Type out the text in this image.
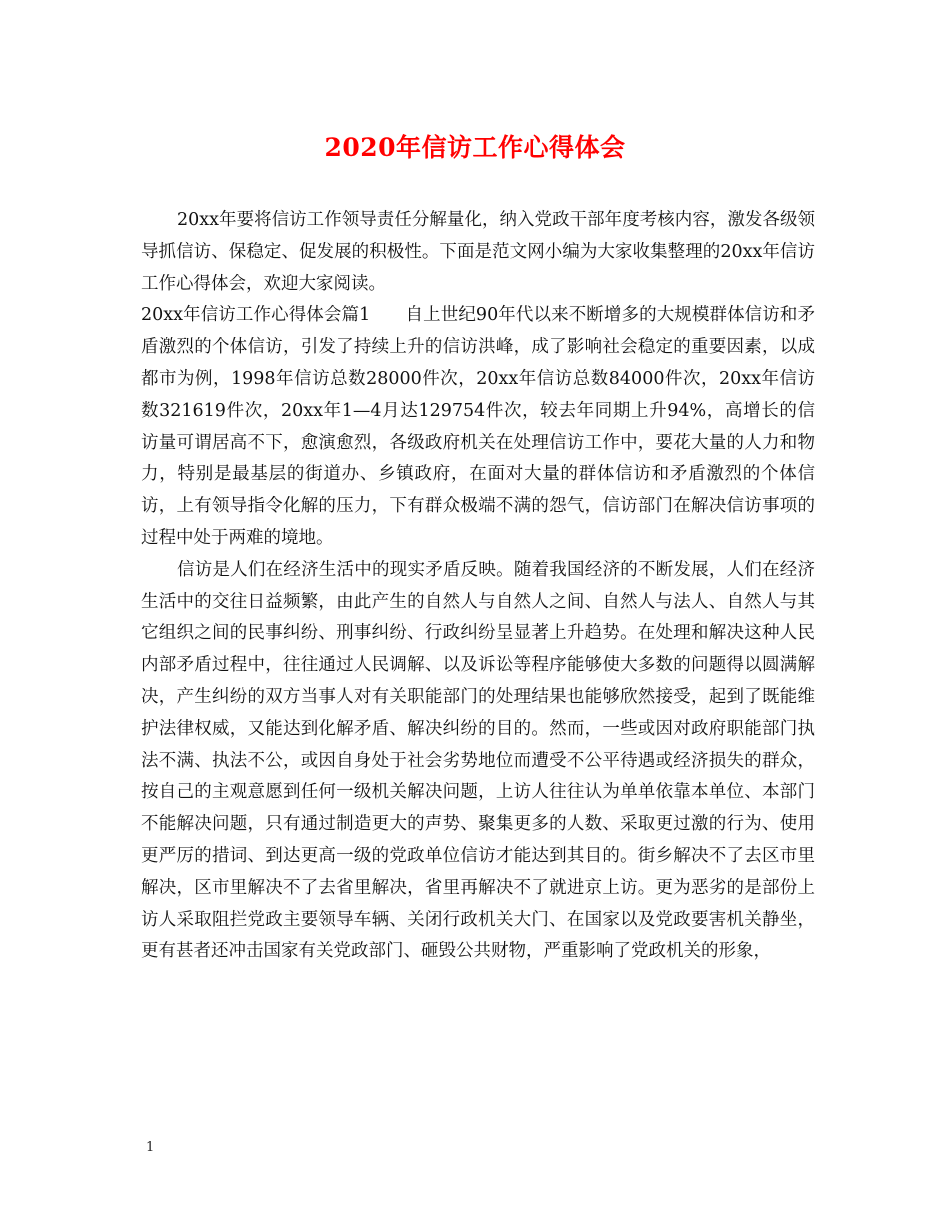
2020年信访工作心得体会

20xx年要将信访工作领导责任分解量化，纳入党政干部年度考核内容，激发各级领导抓信访、保稳定、促发展的积极性。下面是范文网小编为大家收集整理的20xx年信访工作心得体会，欢迎大家阅读。

20xx年信访工作心得体会篇1　　自上世纪90年代以来不断增多的大规模群体信访和矛盾激烈的个体信访，引发了持续上升的信访洪峰，成了影响社会稳定的重要因素，以成都市为例，1998年信访总数28000件次，20xx年信访总数84000件次，20xx年信访数321619件次，20xx年1—4月达129754件次，较去年同期上升94%，高增长的信访量可谓居高不下，愈演愈烈，各级政府机关在处理信访工作中，要花大量的人力和物力，特别是最基层的街道办、乡镇政府，在面对大量的群体信访和矛盾激烈的个体信访，上有领导指令化解的压力，下有群众极端不满的怨气，信访部门在解决信访事项的过程中处于两难的境地。

信访是人们在经济生活中的现实矛盾反映。随着我国经济的不断发展，人们在经济生活中的交往日益频繁，由此产生的自然人与自然人之间、自然人与法人、自然人与其它组织之间的民事纠纷、刑事纠纷、行政纠纷呈显著上升趋势。在处理和解决这种人民内部矛盾过程中，往往通过人民调解、以及诉讼等程序能够使大多数的问题得以圆满解决，产生纠纷的双方当事人对有关职能部门的处理结果也能够欣然接受，起到了既能维护法律权威，又能达到化解矛盾、解决纠纷的目的。然而，一些或因对政府职能部门执法不满、执法不公，或因自身处于社会劣势地位而遭受不公平待遇或经济损失的群众，按自己的主观意愿到任何一级机关解决问题，上访人往往认为单单依靠本单位、本部门不能解决问题，只有通过制造更大的声势、聚集更多的人数、采取更过激的行为、使用更严厉的措词、到达更高一级的党政单位信访才能达到其目的。街乡解决不了去区市里解决，区市里解决不了去省里解决，省里再解决不了就进京上访。更为恶劣的是部份上访人采取阻拦党政主要领导车辆、关闭行政机关大门、在国家以及党政要害机关静坐，更有甚者还冲击国家有关党政部门、砸毁公共财物，严重影响了党政机关的形象，

1
